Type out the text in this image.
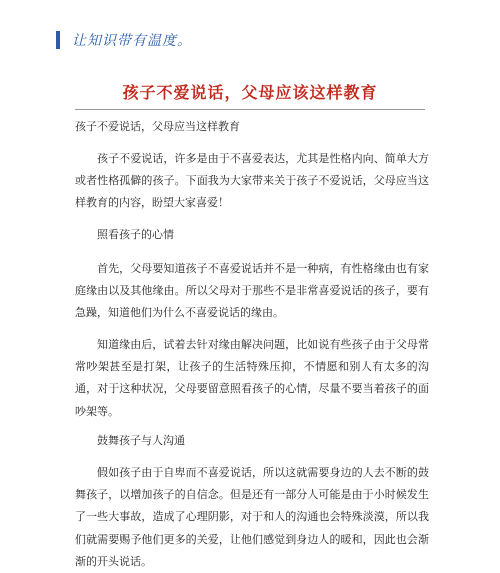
让知识带有温度。
孩子不爱说话，父母应该这样教育

孩子不爱说话，父母应当这样教育

孩子不爱说话，许多是由于不喜爱表达，尤其是性格内向、简单大方或者性格孤僻的孩子。下面我为大家带来关于孩子不爱说话，父母应当这样教育的内容，盼望大家喜爱！

照看孩子的心情

首先，父母要知道孩子不喜爱说话并不是一种病，有性格缘由也有家庭缘由以及其他缘由。所以父母对于那些不是非常喜爱说话的孩子，要有急躁，知道他们为什么不喜爱说话的缘由。

知道缘由后，试着去针对缘由解决问题，比如说有些孩子由于父母常常吵架甚至是打架，让孩子的生活特殊压抑，不情愿和别人有太多的沟通，对于这种状况，父母要留意照看孩子的心情，尽量不要当着孩子的面吵架等。

鼓舞孩子与人沟通

假如孩子由于自卑而不喜爱说话，所以这就需要身边的人去不断的鼓舞孩子，以增加孩子的自信念。但是还有一部分人可能是由于小时候发生了一些大事故，造成了心理阴影，对于和人的沟通也会特殊淡漠，所以我们就需要赐予他们更多的关爱，让他们感觉到身边人的暖和，因此也会渐渐的开头说话。
